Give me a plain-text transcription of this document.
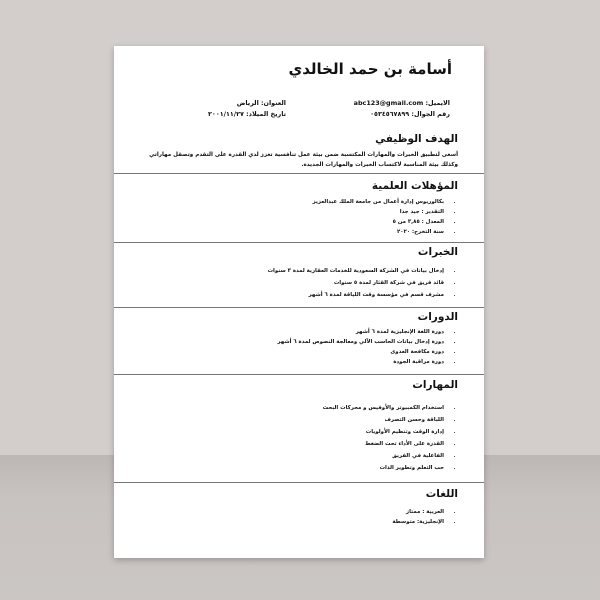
أسامة بن حمد الخالدي
الايميل: abc123@gmail.com
رقم الجوال: ٠٥٣٤٥٦٧٨٩٩
العنوان: الرياض
تاريخ الميلاد: ٢٠٠١/١١/٢٧
الهدف الوظيفي
أسعى لتطبيق الخبرات والمهارات المكتسبة ضمن بيئة عمل تنافسية تعزز لدي القدرة على التقدم وتصقل مهاراتي وكذلك بيئة المناسبة لاكتساب الخبرات والمهارات الجديدة.
المؤهلات العلمية
• بكالوريوس إدارة أعمال من جامعة الملك عبدالعزيز
• التقدير : جيد جدا
• المعدل : ٣,٨٥ من ٥
• سنة التخرج: ٢٠٢٠
الخبرات
• إدخال بيانات في الشركة السعودية للخدمات العقارية لمدة ٣ سنوات
• قائد فريق في شركة القثار لمدة ٥ سنوات
• مشرف قسم في مؤسسة وقت اللياقة لمدة ٦ أشهر
الدورات
• دورة اللغة الإنجليزية لمدة ٦ أشهر
• دورة إدخال بيانات الحاسب الآلي ومعالجة النصوص لمدة ٦ أشهر
• دورة مكافحة العدوى
• دورة مراقبة الجودة
المهارات
• استخدام الكمبيوتر والأوفيس و محركات البحث
• اللباقة وحسن التصرف
• إدارة الوقت وتنظيم الأولويات
• القدرة على الأداء تحت الضغط
• الفاعلية في الفريق
• حب التعلم وتطوير الذات
اللغات
• العربية : ممتاز
• الإنجليزية: متوسطة
